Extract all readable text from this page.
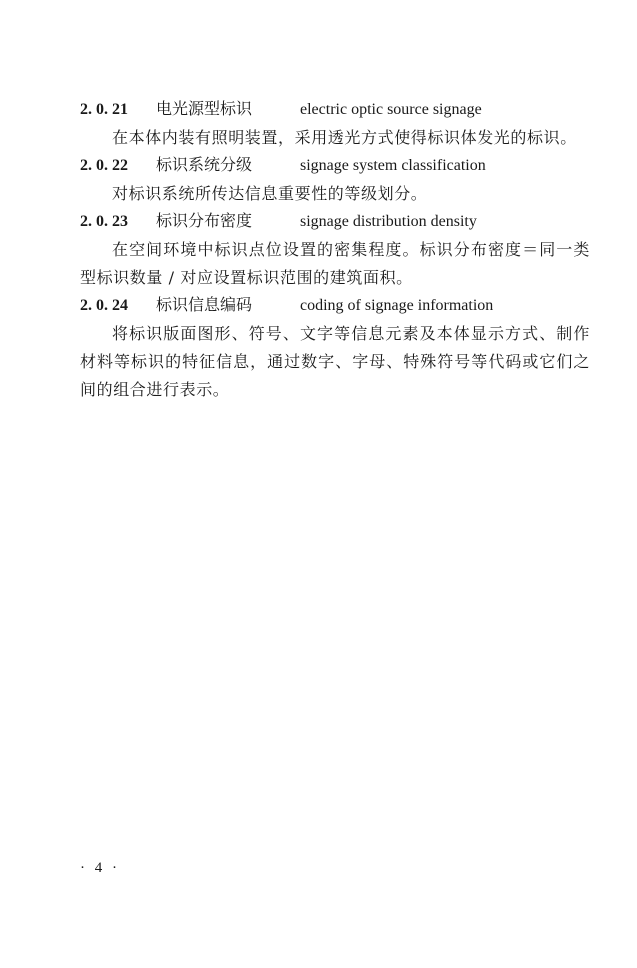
2. 0. 21	电光源型标识	electric optic source signage

在本体内装有照明装置，采用透光方式使得标识体发光的标识。

2. 0. 22	标识系统分级	signage system classification

对标识系统所传达信息重要性的等级划分。

2. 0. 23	标识分布密度	signage distribution density

在空间环境中标识点位设置的密集程度。标识分布密度＝同一类型标识数量 / 对应设置标识范围的建筑面积。

2. 0. 24	标识信息编码	coding of signage information

将标识版面图形、符号、文字等信息元素及本体显示方式、制作材料等标识的特征信息，通过数字、字母、特殊符号等代码或它们之间的组合进行表示。

· 4 ·
